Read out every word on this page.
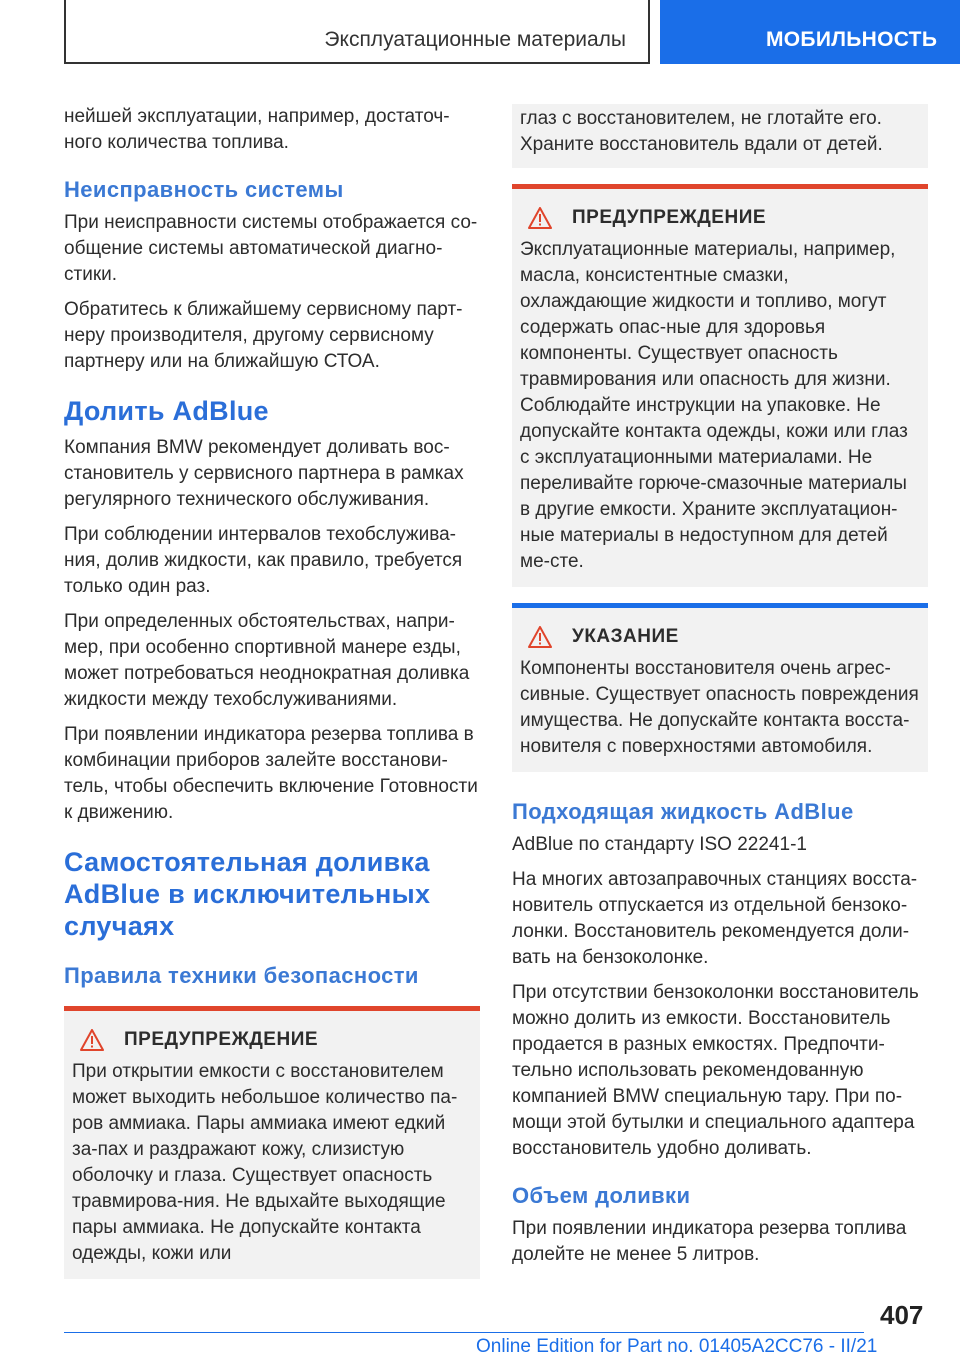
Эксплуатационные материалы	МОБИЛЬНОСТЬ

нейшей эксплуатации, например, достаточ-ного количества топлива.

Неисправность системы

При неисправности системы отображается со-общение системы автоматической диагно-стики.

Обратитесь к ближайшему сервисному парт-неру производителя, другому сервисному партнеру или на ближайшую СТОА.

Долить AdBlue

Компания BMW рекомендует доливать вос-становитель у сервисного партнера в рамках регулярного технического обслуживания.

При соблюдении интервалов техобслужива-ния, долив жидкости, как правило, требуется только один раз.

При определенных обстоятельствах, напри-мер, при особенно спортивной манере езды, может потребоваться неоднократная доливка жидкости между техобслуживаниями.

При появлении индикатора резерва топлива в комбинации приборов залейте восстанови-тель, чтобы обеспечить включение Готовности к движению.

Самостоятельная доливка AdBlue в исключительных случаях
Правила техники безопасности
ПРЕДУПРЕЖДЕНИЕ

При открытии емкости с восстановителем может выходить небольшое количество па-ров аммиака. Пары аммиака имеют едкий за-пах и раздражают кожу, слизистую оболочку и глаза. Существует опасность травмирова-ния. Не вдыхайте выходящие пары аммиака. Не допускайте контакта одежды, кожи или

глаз с восстановителем, не глотайте его. Храните восстановитель вдали от детей.

ПРЕДУПРЕЖДЕНИЕ

Эксплуатационные материалы, например, масла, консистентные смазки, охлаждающие жидкости и топливо, могут содержать опас-ные для здоровья компоненты. Существует опасность травмирования или опасность для жизни. Соблюдайте инструкции на упаковке. Не допускайте контакта одежды, кожи или глаз с эксплуатационными материалами. Не переливайте горюче-смазочные материалы в другие емкости. Храните эксплуатацион-ные материалы в недоступном для детей ме-сте.

УКАЗАНИЕ

Компоненты восстановителя очень агрес-сивные. Существует опасность повреждения имущества. Не допускайте контакта восста-новителя с поверхностями автомобиля.

Подходящая жидкость AdBlue

AdBlue по стандарту ISO 22241-1

На многих автозаправочных станциях восста-новитель отпускается из отдельной бензоко-лонки. Восстановитель рекомендуется доли-вать на бензоколонке.

При отсутствии бензоколонки восстановитель можно долить из емкости. Восстановитель продается в разных емкостях. Предпочти-тельно использовать рекомендованную компанией BMW специальную тару. При по-мощи этой бутылки и специального адаптера восстановитель удобно доливать.

Объем доливки

При появлении индикатора резерва топлива долейте не менее 5 литров.

407
Online Edition for Part no. 01405A2CC76 - II/21
